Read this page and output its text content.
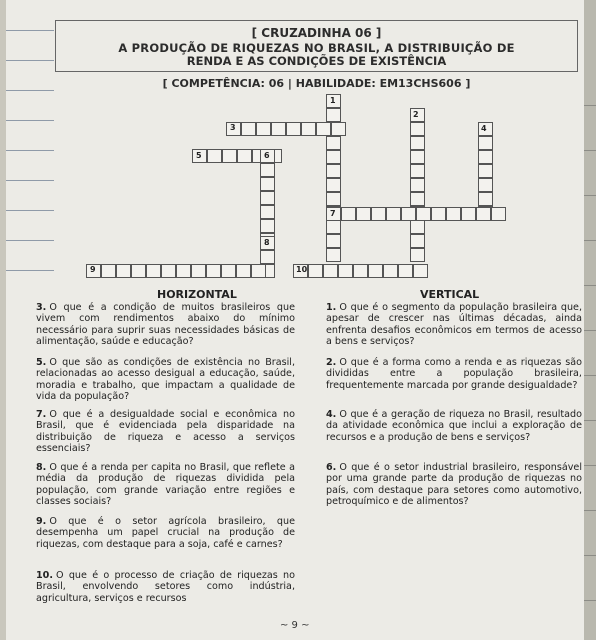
[ CRUZADINHA 06 ]
A PRODUÇÃO DE RIQUEZAS NO BRASIL, A DISTRIBUIÇÃO DE
RENDA E AS CONDIÇÕES DE EXISTÊNCIA
[ COMPETÊNCIA: 06 | HABILIDADE: EM13CHS606 ]
1
2
3	4
5	6
7
8
9	10
HORIZONTAL	VERTICAL
3. O que é a condição de muitos brasileiros que vivem com rendimentos abaixo do mínimo necessário para suprir suas necessidades básicas de alimentação, saúde e educação?
5. O que são as condições de existência no Brasil, relacionadas ao acesso desigual a educação, saúde, moradia e trabalho, que impactam a qualidade de vida da população?
7. O que é a desigualdade social e econômica no Brasil, que é evidenciada pela disparidade na distribuição de riqueza e acesso a serviços essenciais?
8. O que é a renda per capita no Brasil, que reflete a média da produção de riquezas dividida pela população, com grande variação entre regiões e classes sociais?
9. O que é o setor agrícola brasileiro, que desempenha um papel crucial na produção de riquezas, com destaque para a soja, café e carnes?
10. O que é o processo de criação de riquezas no Brasil, envolvendo setores como indústria, agricultura, serviços e recursos
1. O que é o segmento da população brasileira que, apesar de crescer nas últimas décadas, ainda enfrenta desafios econômicos em termos de acesso a bens e serviços?
2. O que é a forma como a renda e as riquezas são divididas entre a população brasileira, frequentemente marcada por grande desigualdade?
4. O que é a geração de riqueza no Brasil, resultado da atividade econômica que inclui a exploração de recursos e a produção de bens e serviços?
6. O que é o setor industrial brasileiro, responsável por uma grande parte da produção de riquezas no país, com destaque para setores como automotivo, petroquímico e de alimentos?
~ 9 ~
